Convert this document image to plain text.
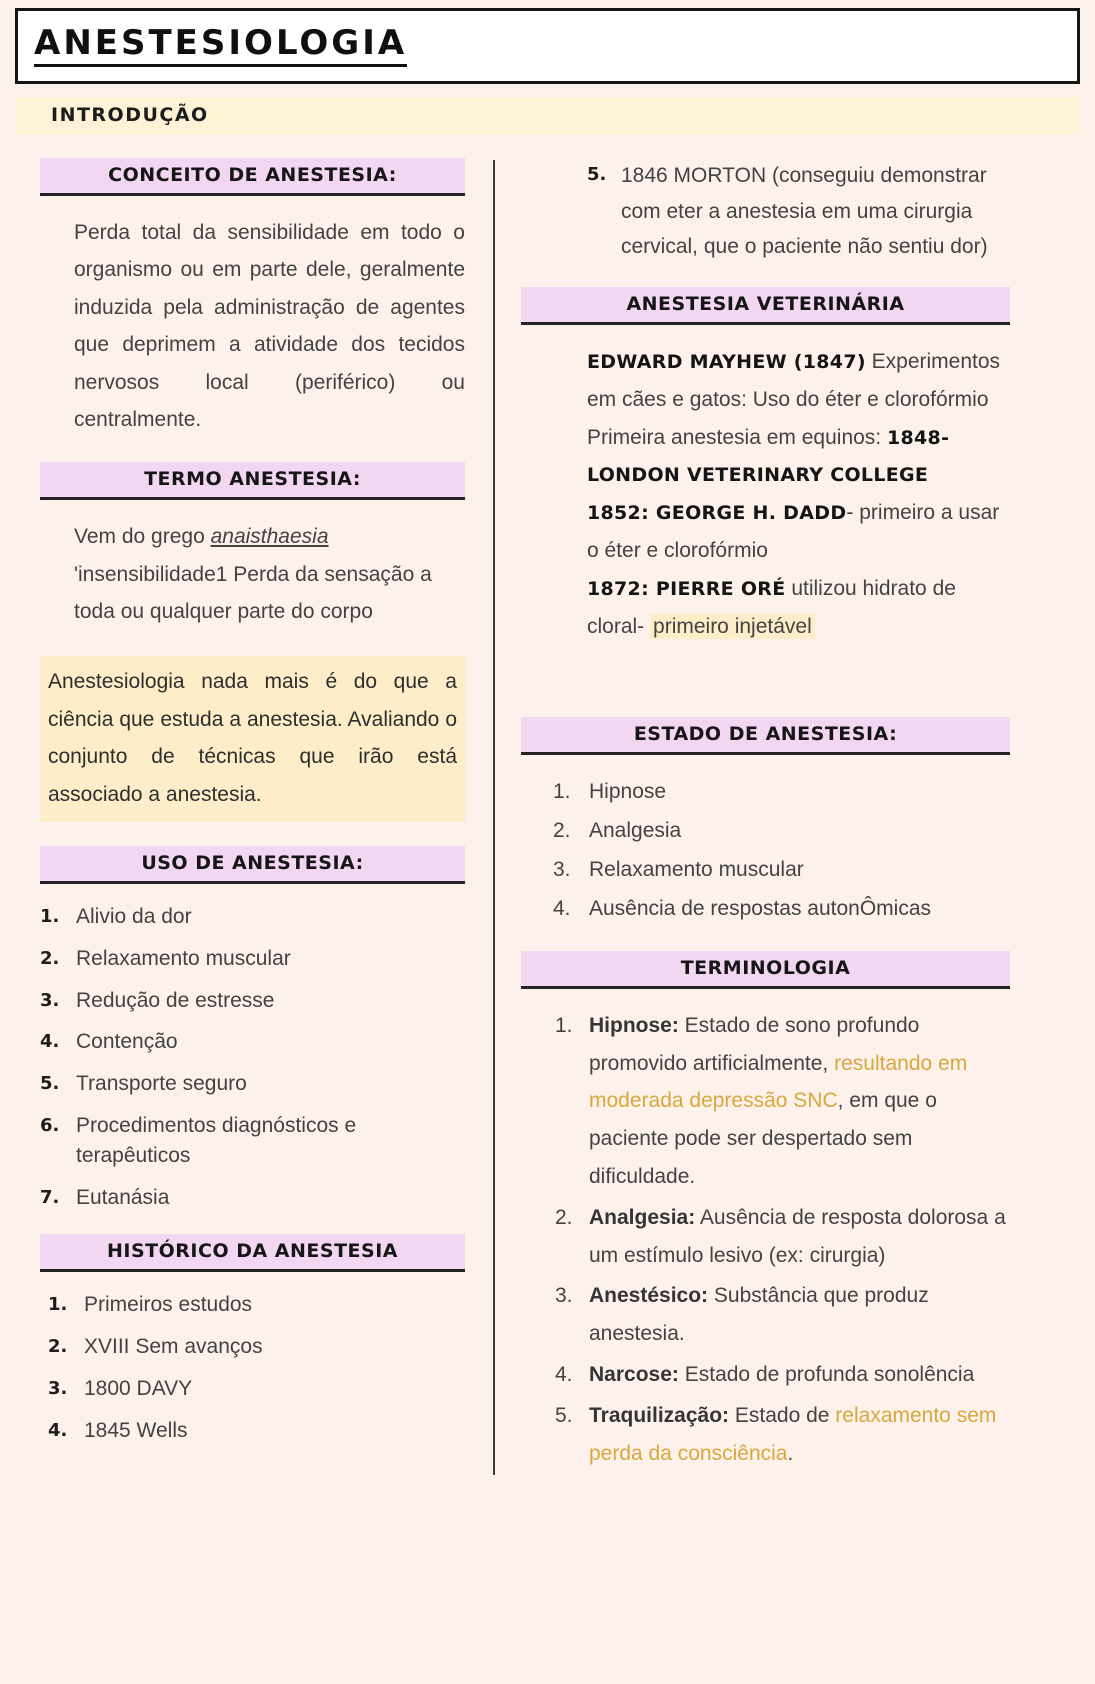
ANESTESIOLOGIA
INTRODUÇÃO
CONCEITO DE ANESTESIA:

Perda total da sensibilidade em todo o organismo ou em parte dele, geralmente induzida pela administração de agentes que deprimem a atividade dos tecidos nervosos local (periférico) ou centralmente.

TERMO ANESTESIA:

Vem do grego anaisthaesia 'insensibilidade1 Perda da sensação a toda ou qualquer parte do corpo

Anestesiologia nada mais é do que a ciência que estuda a anestesia. Avaliando o conjunto de técnicas que irão está associado a anestesia.
USO DE ANESTESIA:
1. Alivio da dor
2. Relaxamento muscular
3. Redução de estresse
4. Contenção
5. Transporte seguro
6. Procedimentos diagnósticos e terapêuticos
7. Eutanásia
HISTÓRICO DA ANESTESIA
1. Primeiros estudos
2. XVIII Sem avanços
3. 1800 DAVY
4. 1845 Wells
5. 1846 MORTON (conseguiu demonstrar com eter a anestesia em uma cirurgia cervical, que o paciente não sentiu dor)
ANESTESIA VETERINÁRIA

EDWARD MAYHEW (1847) Experimentos em cães e gatos: Uso do éter e clorofórmio Primeira anestesia em equinos: 1848- LONDON VETERINARY COLLEGE
1852: GEORGE H. DADD- primeiro a usar o éter e clorofórmio
1872: PIERRE ORÉ utilizou hidrato de cloral- primeiro injetável

ESTADO DE ANESTESIA:
1. Hipnose
2. Analgesia
3. Relaxamento muscular
4. Ausência de respostas autonÔmicas
TERMINOLOGIA
1. Hipnose: Estado de sono profundo promovido artificialmente, resultando em moderada depressão SNC, em que o paciente pode ser despertado sem dificuldade.
2. Analgesia: Ausência de resposta dolorosa a um estímulo lesivo (ex: cirurgia)
3. Anestésico: Substância que produz anestesia.
4. Narcose: Estado de profunda sonolência
5. Traquilização: Estado de relaxamento sem perda da consciência.
